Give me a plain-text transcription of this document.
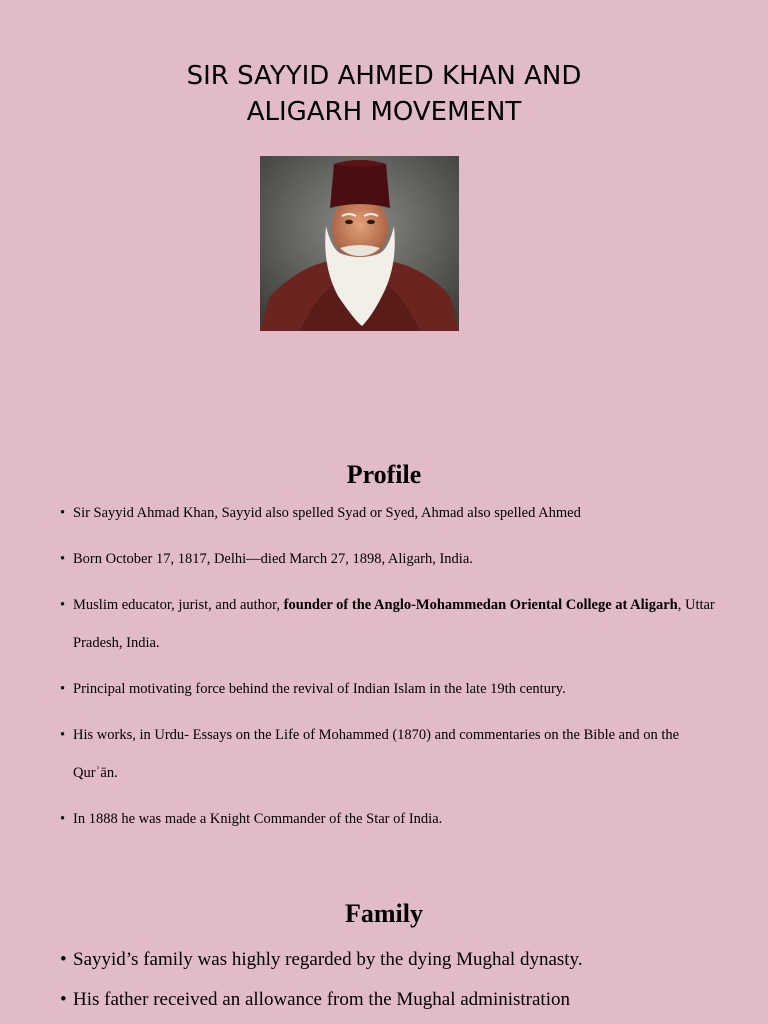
SIR SAYYID AHMED KHAN AND
ALIGARH MOVEMENT
Profile
• Sir Sayyid Ahmad Khan, Sayyid also spelled Syad or Syed, Ahmad also spelled Ahmed
• Born October 17, 1817, Delhi—died March 27, 1898, Aligarh, India.
• Muslim educator, jurist, and author, founder of the Anglo-Mohammedan Oriental College at Aligarh, Uttar Pradesh, India.
• Principal motivating force behind the revival of Indian Islam in the late 19th century.
• His works, in Urdu- Essays on the Life of Mohammed (1870) and commentaries on the Bible and on the Qurʾān.
• In 1888 he was made a Knight Commander of the Star of India.
Family
• Sayyid’s family was highly regarded by the dying Mughal dynasty.
• His father received an allowance from the Mughal administration
